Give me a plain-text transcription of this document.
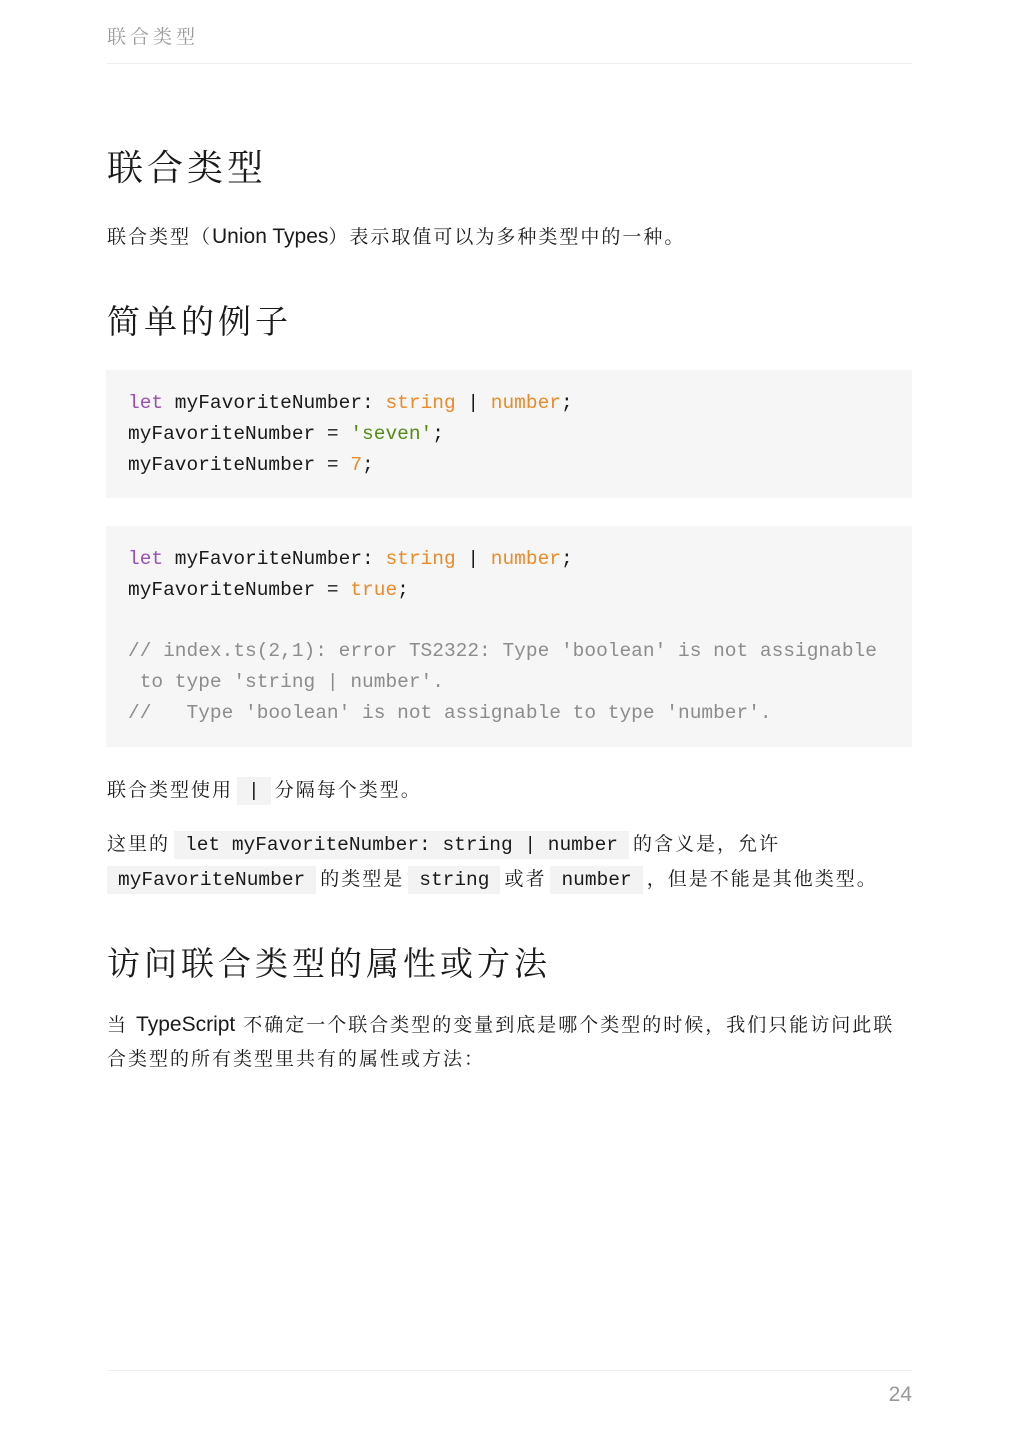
联合类型
联合类型

联合类型（Union Types）表示取值可以为多种类型中的一种。

简单的例子
let myFavoriteNumber: string | number;
myFavoriteNumber = 'seven';
myFavoriteNumber = 7;
let myFavoriteNumber: string | number;
myFavoriteNumber = true;

// index.ts(2,1): error TS2322: Type 'boolean' is not assignable
to type 'string | number'.
//   Type 'boolean' is not assignable to type 'number'.

联合类型使用 | 分隔每个类型。

这里的 let myFavoriteNumber: string | number 的含义是，允许
myFavoriteNumber 的类型是 string 或者 number ，但是不能是其他类型。

访问联合类型的属性或方法

当 TypeScript 不确定一个联合类型的变量到底是哪个类型的时候，我们只能访问此联合类型的所有类型里共有的属性或方法：

24
